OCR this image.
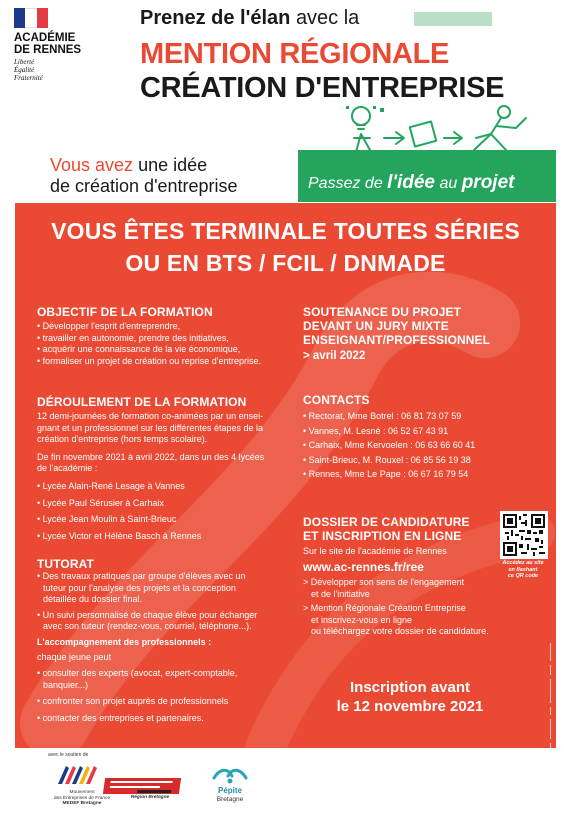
ACADÉMIE
DE RENNES
Liberté
Égalité
Fraternité
Prenez de l'élan avec la
MENTION RÉGIONALE
CRÉATION D'ENTREPRISE
Vous avez une idée
de création d'entreprise	Passez de l'idée au projet
VOUS ÊTES TERMINALE TOUTES SÉRIES
OU EN BTS / FCIL / DNMADE
OBJECTIF DE LA FORMATION
• Développer l'esprit d'entreprendre,
• travailler en autonomie, prendre des initiatives,
• acquérir une connaissance de la vie économique,
• formaliser un projet de création ou reprise d'entreprise.
DÉROULEMENT DE LA FORMATION
12 demi-journées de formation co-animées par un ensei-
gnant et un professionnel sur les différentes étapes de la
création d'entreprise (hors temps scolaire).
De fin novembre 2021 à avril 2022, dans un des 4 lycées
de l'académie :
• Lycée Alain-René Lesage à Vannes
• Lycée Paul Sérusier à Carhaix
• Lycée Jean Moulin à Saint-Brieuc
• Lycée Victor et Hélène Basch à Rennes
TUTORAT
• Des travaux pratiques par groupe d'élèves avec un
tuteur pour l'analyse des projets et la conception
détaillée du dossier final.
• Un suivi personnalisé de chaque élève pour échanger
avec son tuteur (rendez-vous, courriel, téléphone...).
L'accompagnement des professionnels :
chaque jeune peut
• consulter des experts (avocat, expert-comptable,
banquier...)
• confronter son projet auprès de professionnels
• contacter des entreprises et partenaires.
SOUTENANCE DU PROJET
DEVANT UN JURY MIXTE
ENSEIGNANT/PROFESSIONNEL
> avril 2022
CONTACTS
• Rectorat, Mme Botrel : 06 81 73 07 59
• Vannes, M. Lesné : 06 52 67 43 91
• Carhaix, Mme Kervoelen : 06 63 66 60 41
• Saint-Brieuc, M. Rouxel : 06 85 56 19 38
• Rennes, Mme Le Pape : 06 67 16 79 54
DOSSIER DE CANDIDATURE
ET INSCRIPTION EN LIGNE
Sur le site de l'académie de Rennes
www.ac-rennes.fr/ree
> Développer son sens de l'engagement
et de l'initiative
> Mention Régionale Création Entreprise
et inscrivez-vous en ligne
ou téléchargez votre dossier de candidature.
Accédez au site
en flashant
ce QR code
Inscription avant
le 12 novembre 2021
avec le soutien de
Mouvement
des Entreprises de France
MEDEF Bretagne
Région Bretagne
Pépite
Bretagne
